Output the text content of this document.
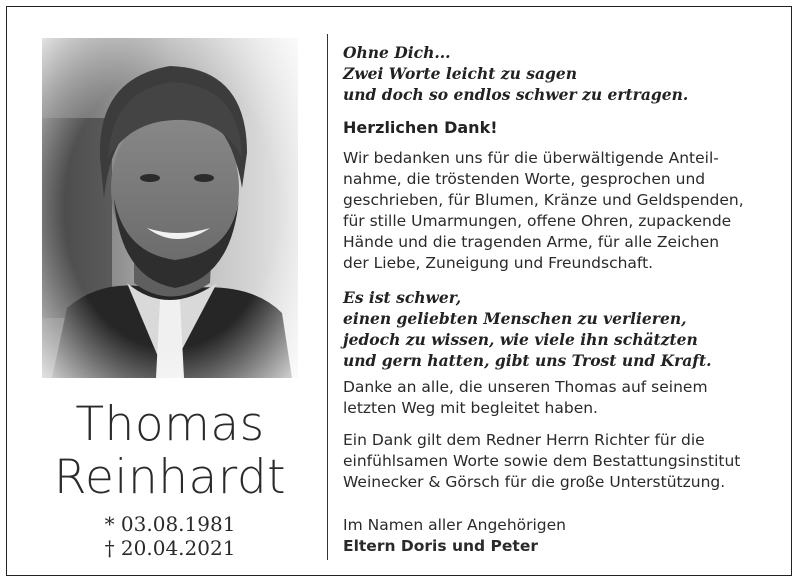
Thomas
Reinhardt
* 03.08.1981
† 20.04.2021
Ohne Dich...
Zwei Worte leicht zu sagen
und doch so endlos schwer zu ertragen.
Herzlichen Dank!
Wir bedanken uns für die überwältigende Anteil-
nahme, die tröstenden Worte, gesprochen und
geschrieben, für Blumen, Kränze und Geldspenden,
für stille Umarmungen, offene Ohren, zupackende
Hände und die tragenden Arme, für alle Zeichen
der Liebe, Zuneigung und Freundschaft.
Es ist schwer,
einen geliebten Menschen zu verlieren,
jedoch zu wissen, wie viele ihn schätzten
und gern hatten, gibt uns Trost und Kraft.
Danke an alle, die unseren Thomas auf seinem
letzten Weg mit begleitet haben.
Ein Dank gilt dem Redner Herrn Richter für die
einfühlsamen Worte sowie dem Bestattungsinstitut
Weinecker & Görsch für die große Unterstützung.
Im Namen aller Angehörigen
Eltern Doris und Peter
